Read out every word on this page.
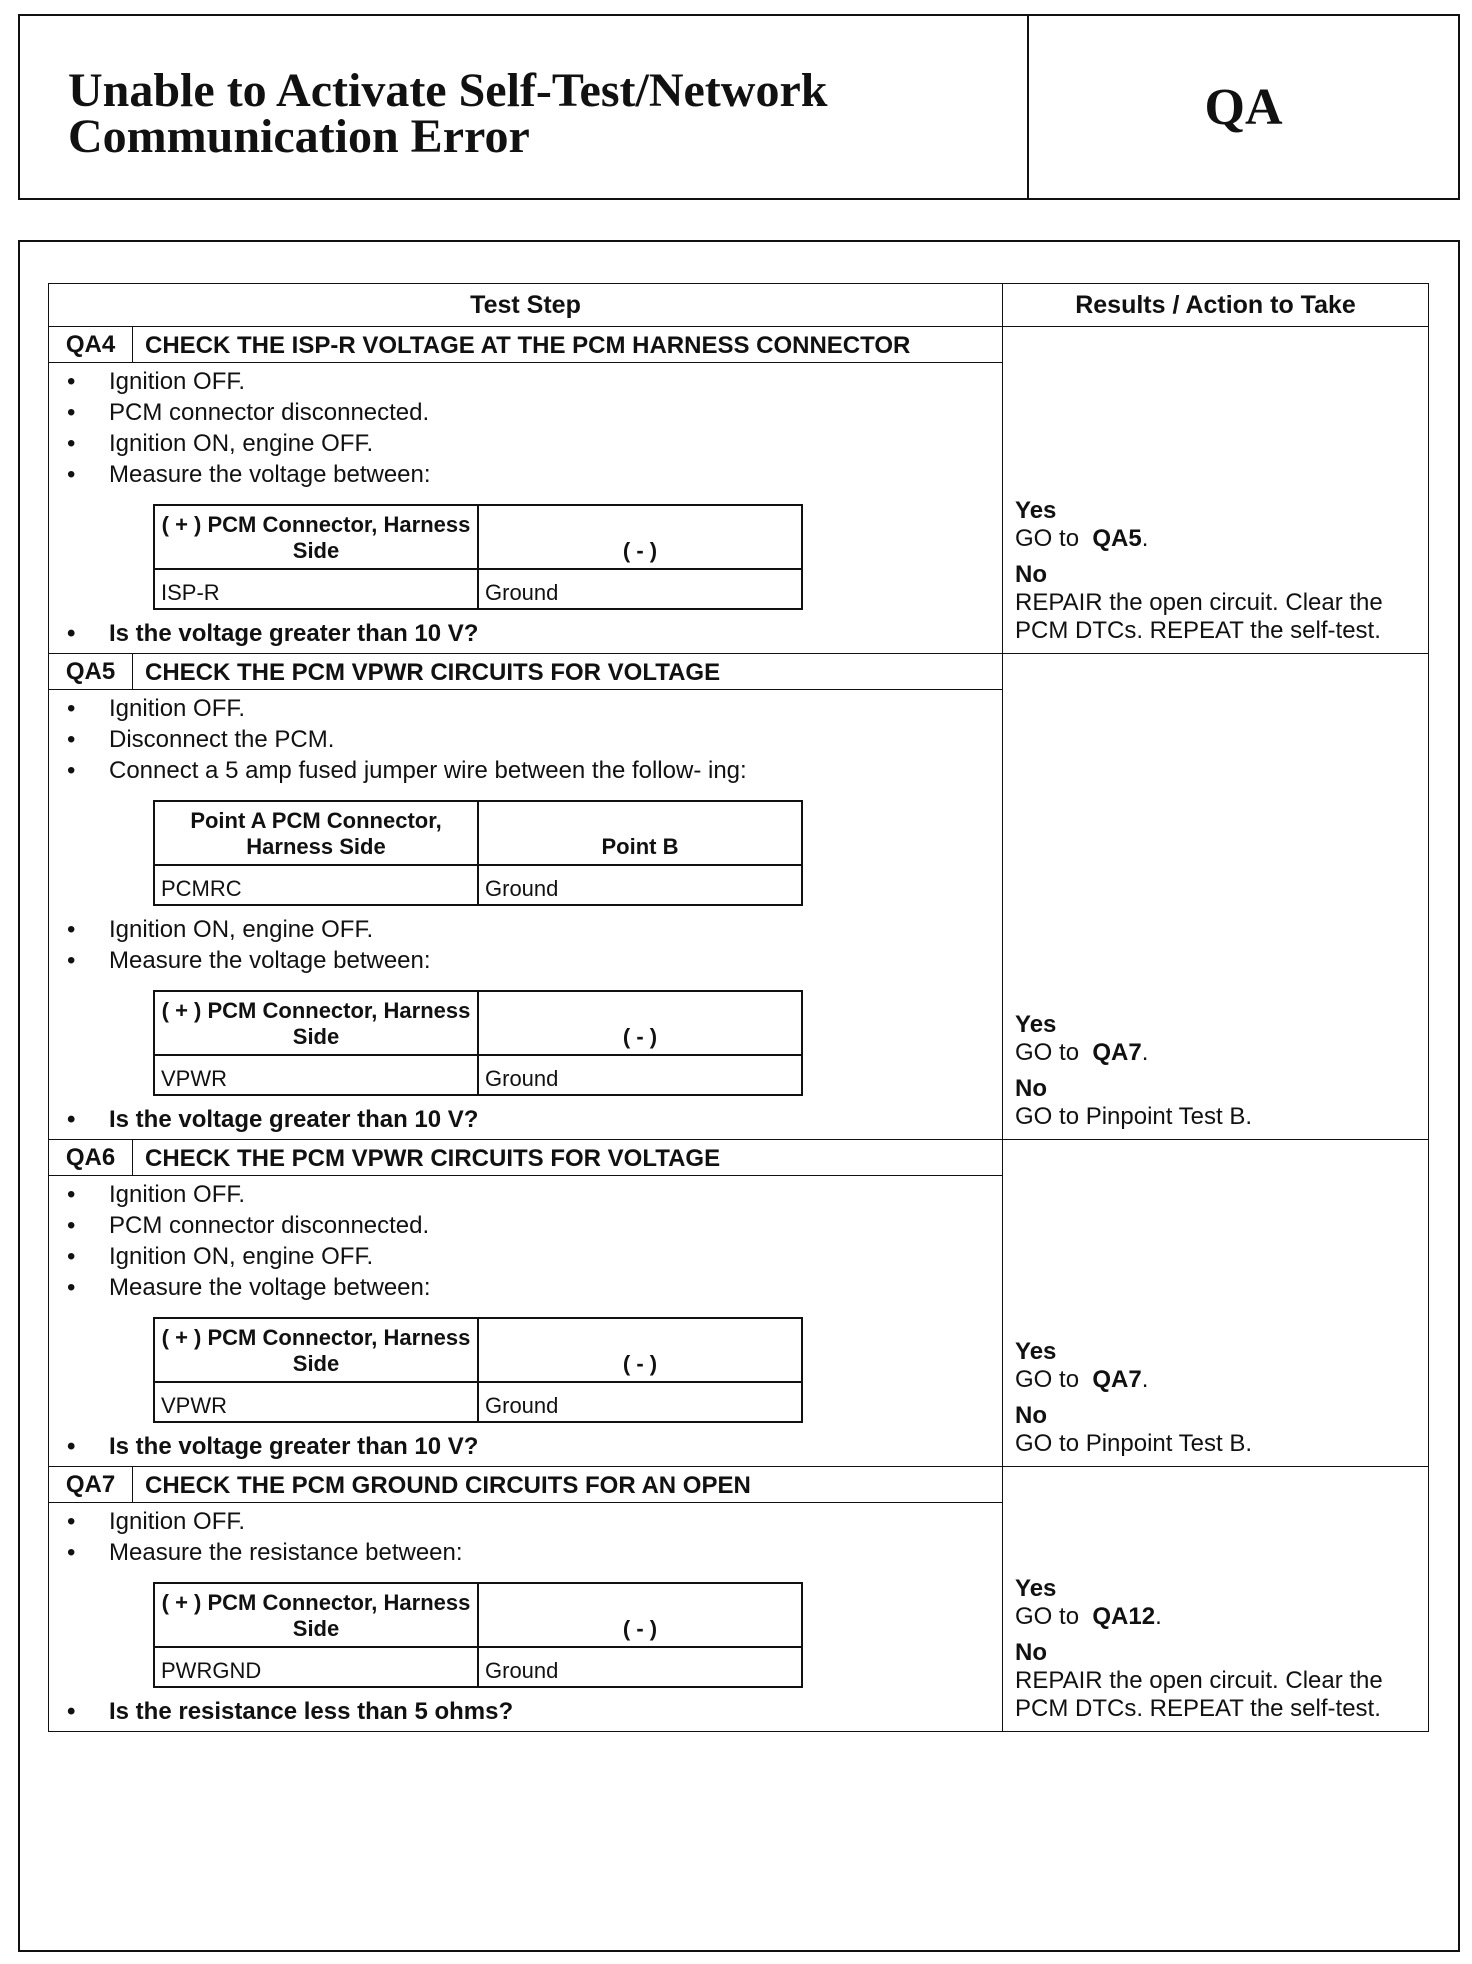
Unable to Activate Self-Test/Network
Communication Error
QA
Test Step	Results / Action to Take
QA4	CHECK THE ISP-R VOLTAGE AT THE PCM HARNESS CONNECTOR	
Yes
GO to QA5.
No
REPAIR the open circuit. Clear the PCM DTCs. REPEAT the self-test.

• Ignition OFF.
• PCM connector disconnected.
• Ignition ON, engine OFF.
• Measure the voltage between:
( + ) PCM Connector, Harness Side	( - )
ISP-R	Ground
• Is the voltage greater than 10 V?

QA5	CHECK THE PCM VPWR CIRCUITS FOR VOLTAGE	
Yes
GO to QA7.
No
GO to Pinpoint Test B.

• Ignition OFF.
• Disconnect the PCM.
• Connect a 5 amp fused jumper wire between the follow- ing:
Point A PCM Connector, Harness Side	Point B
PCMRC	Ground
• Ignition ON, engine OFF.
• Measure the voltage between:
( + ) PCM Connector, Harness Side	( - )
VPWR	Ground
• Is the voltage greater than 10 V?

QA6	CHECK THE PCM VPWR CIRCUITS FOR VOLTAGE	
Yes
GO to QA7.
No
GO to Pinpoint Test B.

• Ignition OFF.
• PCM connector disconnected.
• Ignition ON, engine OFF.
• Measure the voltage between:
( + ) PCM Connector, Harness Side	( - )
VPWR	Ground
• Is the voltage greater than 10 V?

QA7	CHECK THE PCM GROUND CIRCUITS FOR AN OPEN	
Yes
GO to QA12.
No
REPAIR the open circuit. Clear the PCM DTCs. REPEAT the self-test.

• Ignition OFF.
• Measure the resistance between:
( + ) PCM Connector, Harness Side	( - )
PWRGND	Ground
• Is the resistance less than 5 ohms?
